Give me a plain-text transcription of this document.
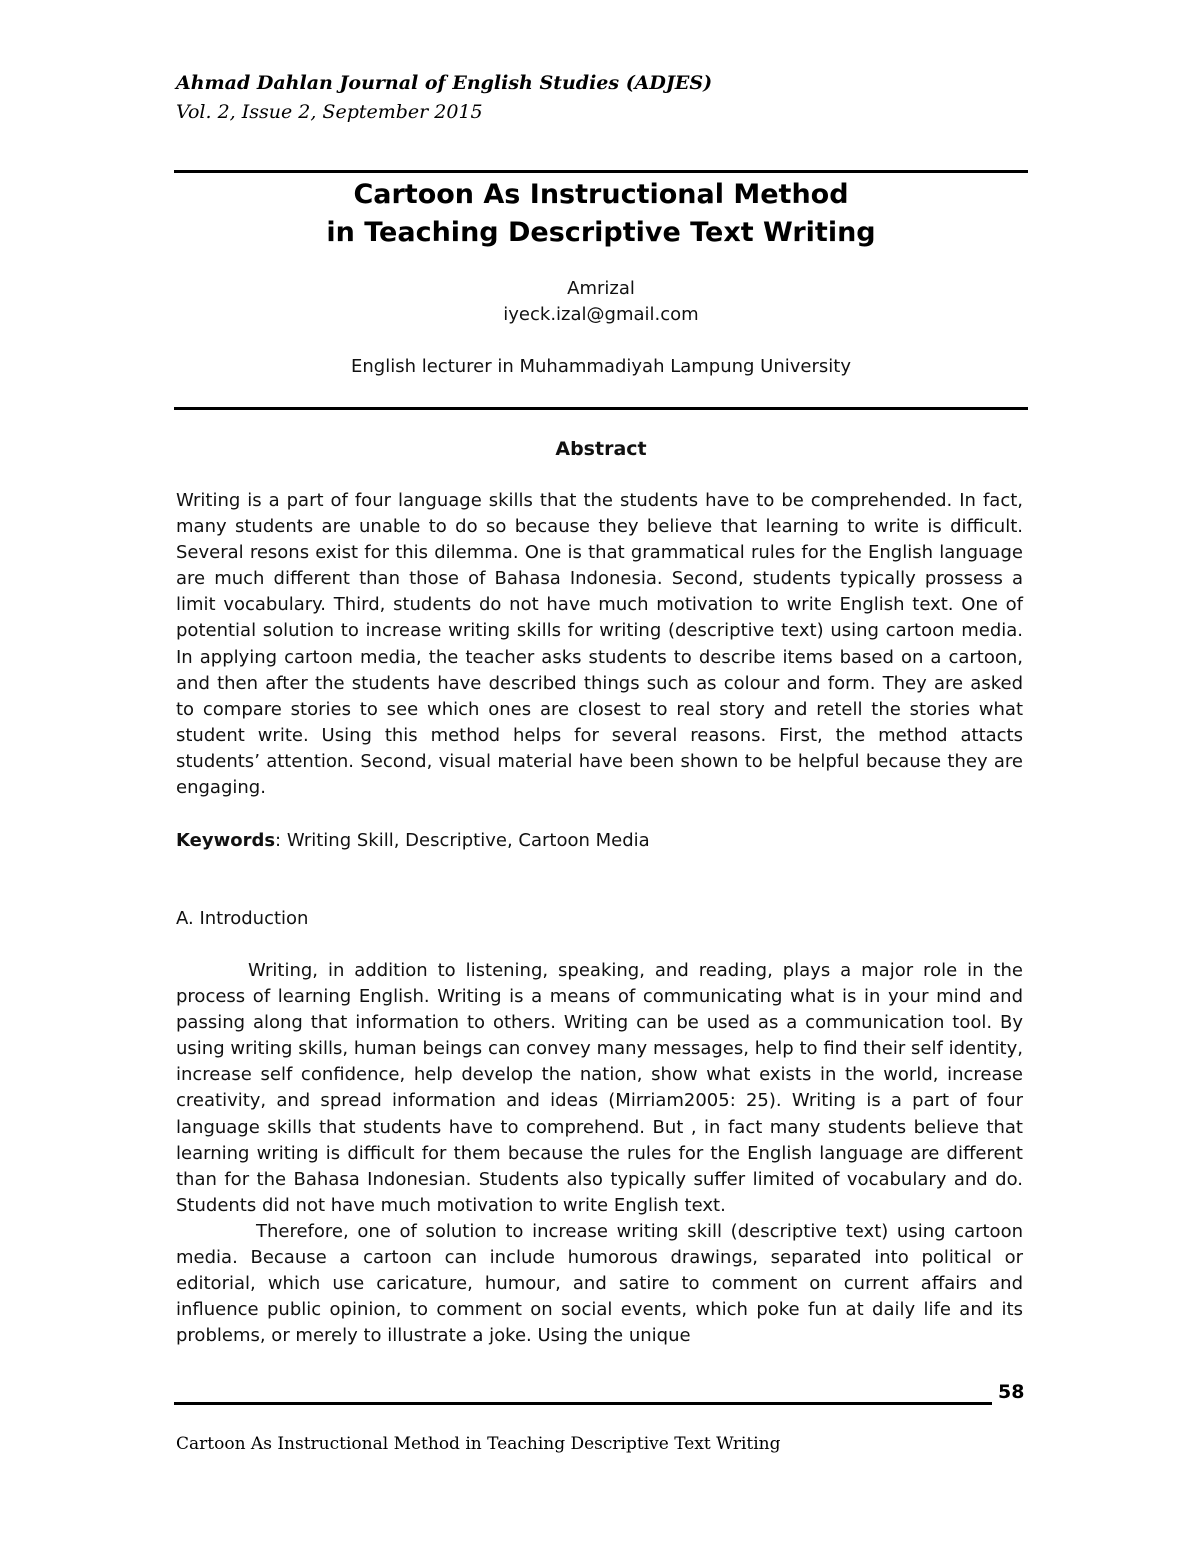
Ahmad Dahlan Journal of English Studies (ADJES)
Vol. 2, Issue 2, September 2015
Cartoon As Instructional Method
in Teaching Descriptive Text Writing
Amrizal
iyeck.izal@gmail.com
English lecturer in Muhammadiyah Lampung University
Abstract

Writing is a part of four language skills that the students have to be comprehended. In fact, many students are unable to do so because they believe that learning to write is difficult. Several resons exist for this dilemma. One is that grammatical rules for the English language are much different than those of Bahasa Indonesia. Second, students typically prossess a limit vocabulary. Third, students do not have much motivation to write English text. One of potential solution to increase writing skills for writing (descriptive text) using cartoon media. In applying cartoon media, the teacher asks students to describe items based on a cartoon, and then after the students have described things such as colour and form. They are asked to compare stories to see which ones are closest to real story and retell the stories what student write. Using this method helps for several reasons. First, the method attacts students’ attention. Second, visual material have been shown to be helpful because they are engaging.

Keywords: Writing Skill, Descriptive, Cartoon Media
A. Introduction

Writing, in addition to listening, speaking, and reading, plays a major role in the process of learning English. Writing is a means of communicating what is in your mind and passing along that information to others. Writing can be used as a communication tool. By using writing skills, human beings can convey many messages, help to find their self identity, increase self confidence, help develop the nation, show what exists in the world, increase creativity, and spread information and ideas (Mirriam2005: 25). Writing is a part of four language skills that students have to comprehend. But , in fact many students believe that learning writing is difficult for them because the rules for the English language are different than for the Bahasa Indonesian. Students also typically suffer limited of vocabulary and do. Students did not have much motivation to write English text.

Therefore, one of solution to increase writing skill (descriptive text) using cartoon media. Because a cartoon can include humorous drawings, separated into political or editorial, which use caricature, humour, and satire to comment on current affairs and influence public opinion, to comment on social events, which poke fun at daily life and its problems, or merely to illustrate a joke. Using the unique

58
Cartoon As Instructional Method in Teaching Descriptive Text Writing
